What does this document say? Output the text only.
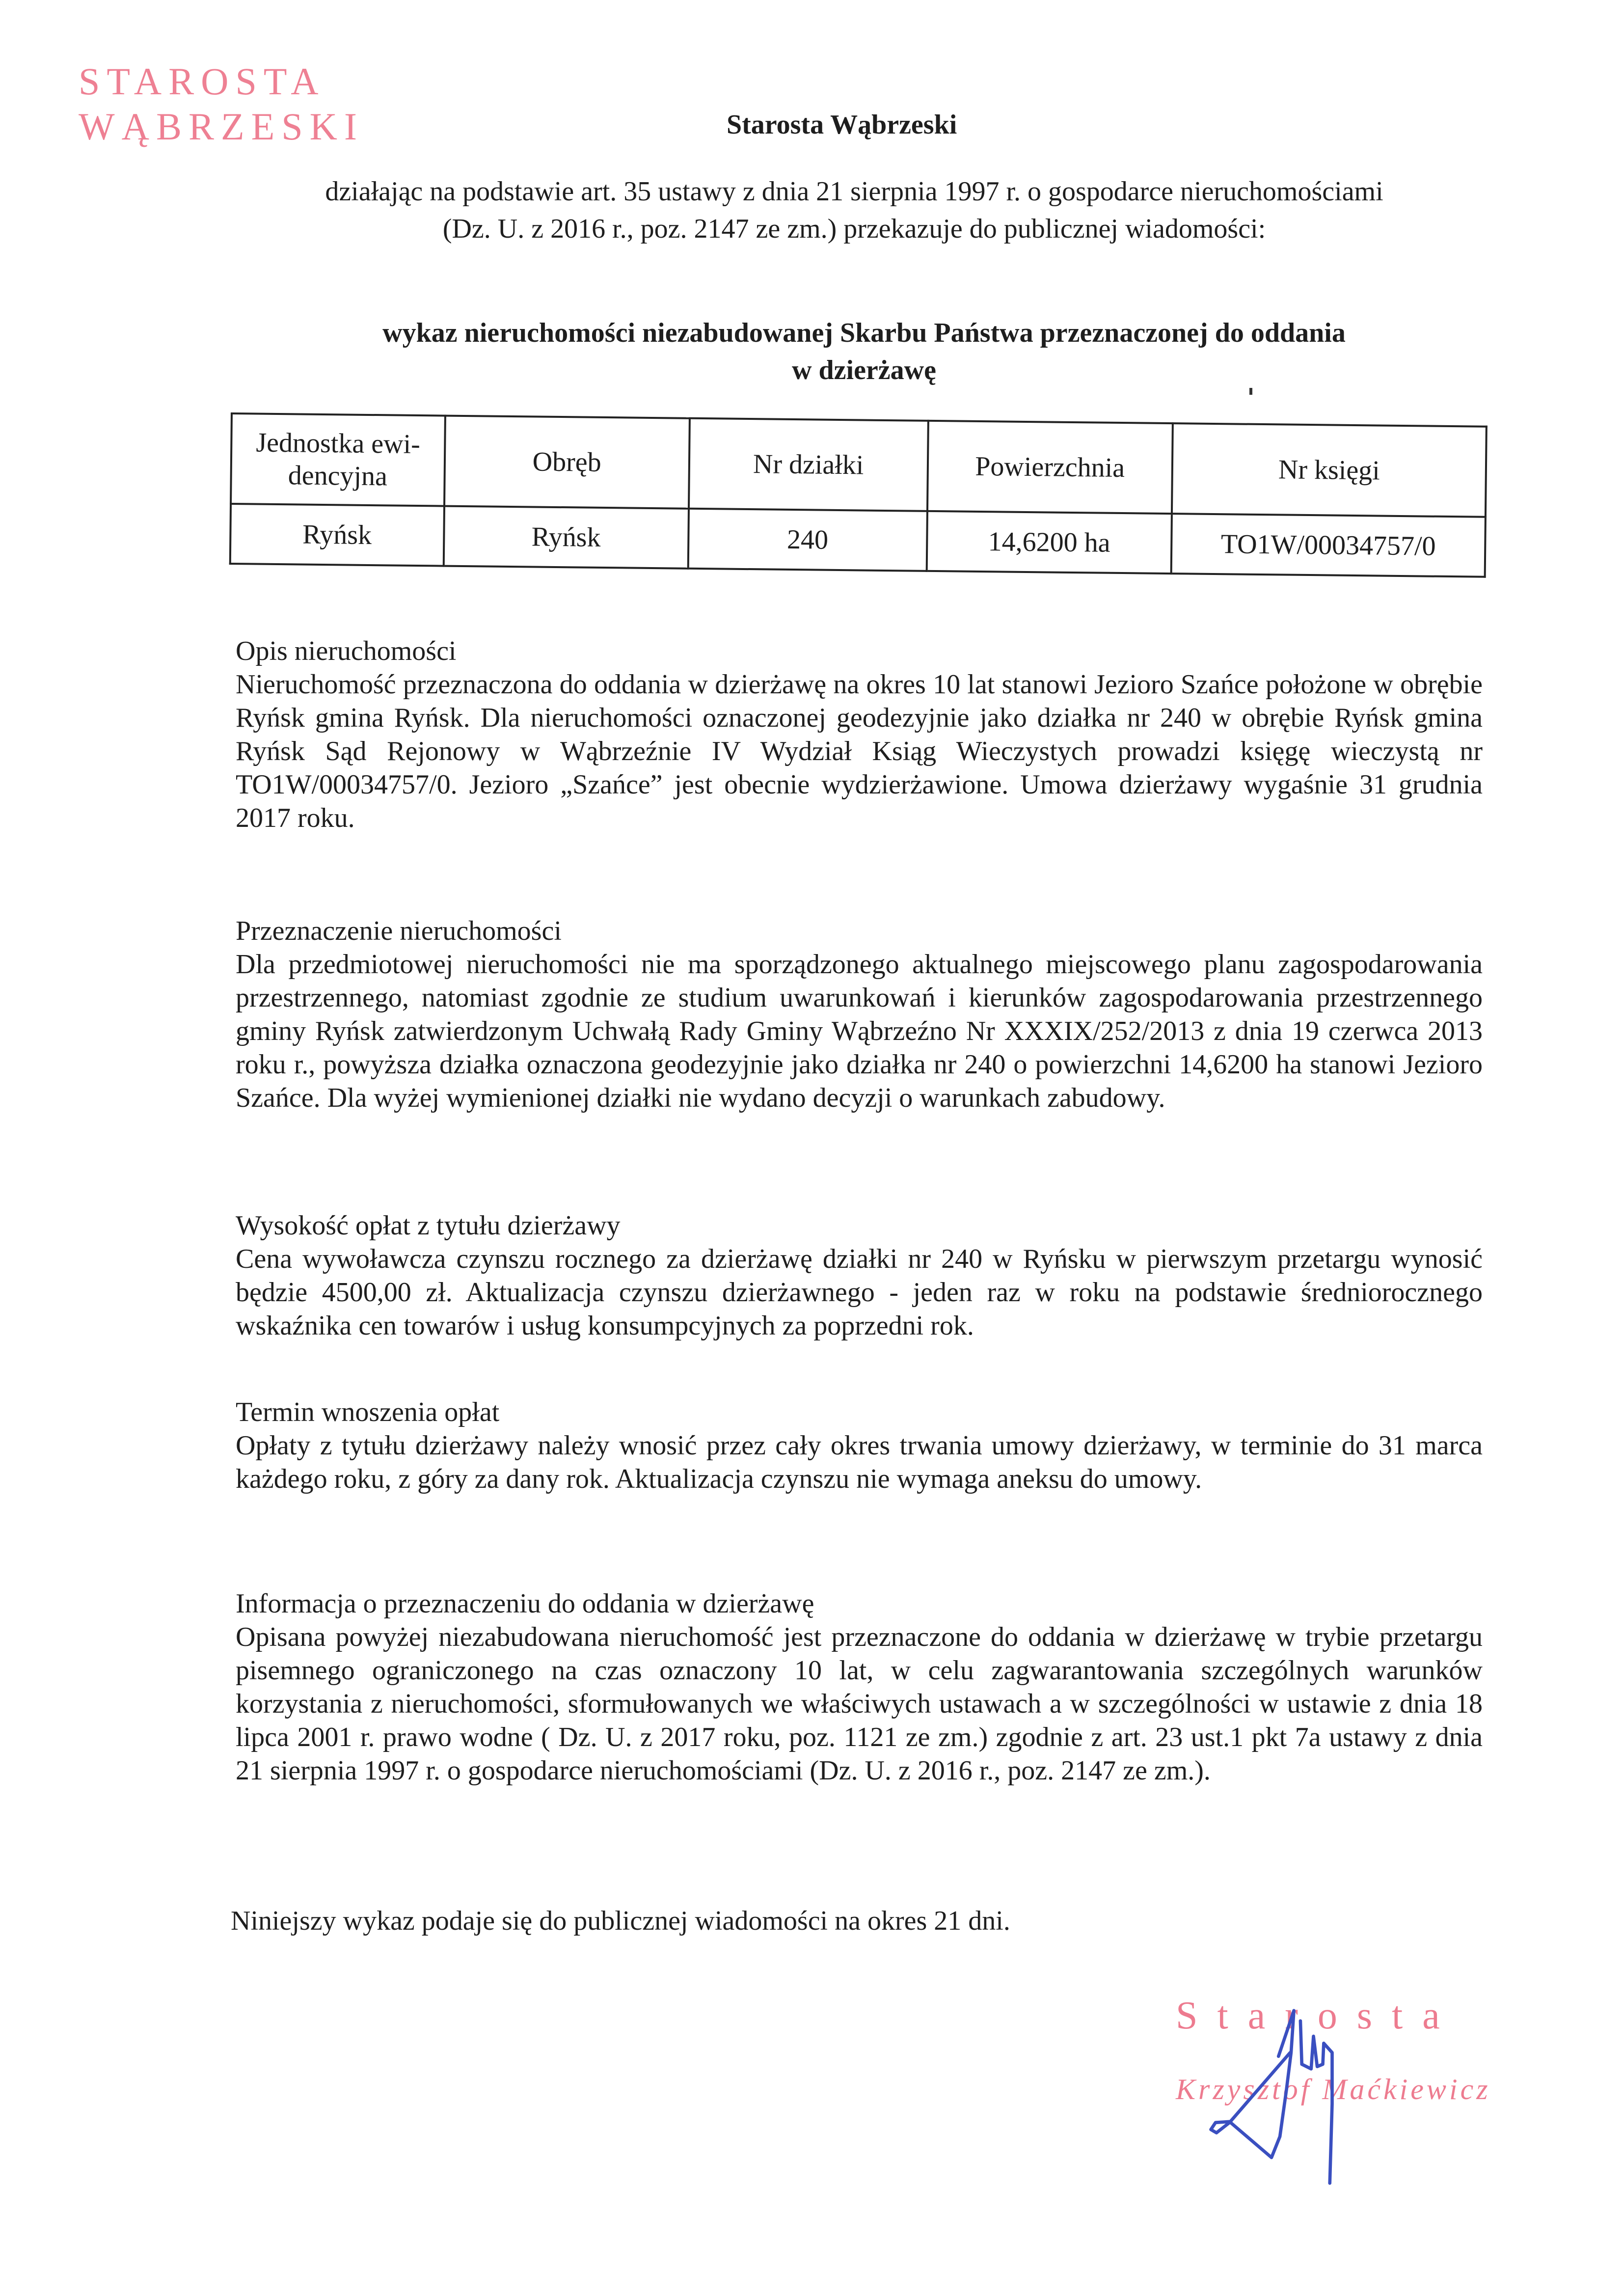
STAROSTA
WĄBRZESKI	Starosta Wąbrzeski
działając na podstawie art. 35 ustawy z dnia 21 sierpnia 1997 r. o gospodarce nieruchomościami
(Dz. U. z 2016 r., poz. 2147 ze zm.) przekazuje do publicznej wiadomości:
wykaz nieruchomości niezabudowanej Skarbu Państwa przeznaczonej do oddania
w dzierżawę
Jednostka ewi-dencyjna	Obręb	Nr działki	Powierzchnia	Nr księgi
Ryńsk	Ryńsk	240	14,6200 ha	TO1W/00034757/0
Opis nieruchomości
Nieruchomość przeznaczona do oddania w dzierżawę na okres 10 lat stanowi Jezioro Szańce położone w obrębie Ryńsk gmina Ryńsk. Dla nieruchomości oznaczonej geodezyjnie jako działka nr 240 w obrębie Ryńsk gmina Ryńsk Sąd Rejonowy w Wąbrzeźnie IV Wydział Ksiąg Wieczystych prowadzi księgę wieczystą nr TO1W/00034757/0. Jezioro „Szańce” jest obecnie wydzierżawione. Umowa dzierżawy wygaśnie 31 grudnia 2017 roku.
Przeznaczenie nieruchomości
Dla przedmiotowej nieruchomości nie ma sporządzonego aktualnego miejscowego planu zagospodarowania przestrzennego, natomiast zgodnie ze studium uwarunkowań i kierunków zagospodarowania przestrzennego gminy Ryńsk zatwierdzonym Uchwałą Rady Gminy Wąbrzeźno Nr XXXIX/252/2013 z dnia 19 czerwca 2013 roku r., powyższa działka oznaczona geodezyjnie jako działka nr 240 o powierzchni 14,6200 ha stanowi Jezioro Szańce. Dla wyżej wymienionej działki nie wydano decyzji o warunkach zabudowy.
Wysokość opłat z tytułu dzierżawy
Cena wywoławcza czynszu rocznego za dzierżawę działki nr 240 w Ryńsku w pierwszym przetargu wynosić będzie 4500,00 zł. Aktualizacja czynszu dzierżawnego - jeden raz w roku na podstawie średniorocznego wskaźnika cen towarów i usług konsumpcyjnych za poprzedni rok.
Termin wnoszenia opłat
Opłaty z tytułu dzierżawy należy wnosić przez cały okres trwania umowy dzierżawy, w terminie do 31 marca każdego roku, z góry za dany rok. Aktualizacja czynszu nie wymaga aneksu do umowy.
Informacja o przeznaczeniu do oddania w dzierżawę
Opisana powyżej niezabudowana nieruchomość jest przeznaczone do oddania w dzierżawę w trybie przetargu pisemnego ograniczonego na czas oznaczony 10 lat, w celu zagwarantowania szczególnych warunków korzystania z nieruchomości, sformułowanych we właściwych ustawach a w szczególności w ustawie z dnia 18 lipca 2001 r. prawo wodne ( Dz. U. z 2017 roku, poz. 1121 ze zm.) zgodnie z art. 23 ust.1 pkt 7a ustawy z dnia 21 sierpnia 1997 r. o gospodarce nieruchomościami (Dz. U. z 2016 r., poz. 2147 ze zm.).
Niniejszy wykaz podaje się do publicznej wiadomości na okres 21 dni.
Starosta
Krzysztof Maćkiewicz
